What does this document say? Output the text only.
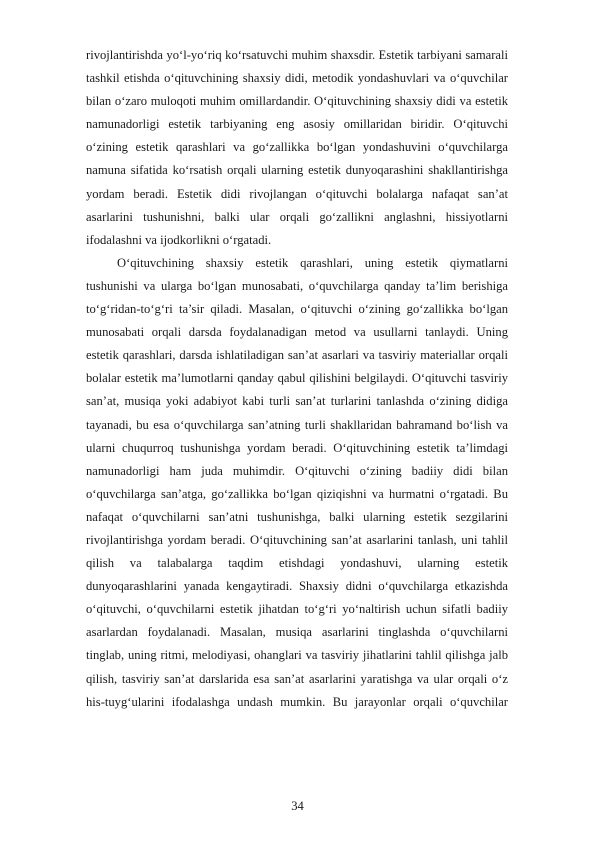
rivojlantirishda yo‘l-yo‘riq ko‘rsatuvchi muhim shaxsdir. Estetik tarbiyani samarali
tashkil etishda o‘qituvchining shaxsiy didi, metodik yondashuvlari va o‘quvchilar
bilan o‘zaro muloqoti muhim omillardandir. O‘qituvchining shaxsiy didi va estetik
namunadorligi estetik tarbiyaning eng asosiy omillaridan biridir. O‘qituvchi
o‘zining estetik qarashlari va go‘zallikka bo‘lgan yondashuvini o‘quvchilarga
namuna sifatida ko‘rsatish orqali ularning estetik dunyoqarashini shakllantirishga
yordam beradi. Estetik didi rivojlangan o‘qituvchi bolalarga nafaqat san’at
asarlarini tushunishni, balki ular orqali go‘zallikni anglashni, hissiyotlarni
ifodalashni va ijodkorlikni o‘rgatadi.
O‘qituvchining shaxsiy estetik qarashlari, uning estetik qiymatlarni
tushunishi va ularga bo‘lgan munosabati, o‘quvchilarga qanday ta’lim berishiga
to‘g‘ridan-to‘g‘ri ta’sir qiladi. Masalan, o‘qituvchi o‘zining go‘zallikka bo‘lgan
munosabati orqali darsda foydalanadigan metod va usullarni tanlaydi. Uning
estetik qarashlari, darsda ishlatiladigan san’at asarlari va tasviriy materiallar orqali
bolalar estetik ma’lumotlarni qanday qabul qilishini belgilaydi. O‘qituvchi tasviriy
san’at, musiqa yoki adabiyot kabi turli san’at turlarini tanlashda o‘zining didiga
tayanadi, bu esa o‘quvchilarga san’atning turli shakllaridan bahramand bo‘lish va
ularni chuqurroq tushunishga yordam beradi. O‘qituvchining estetik ta’limdagi
namunadorligi ham juda muhimdir. O‘qituvchi o‘zining badiiy didi bilan
o‘quvchilarga san’atga, go‘zallikka bo‘lgan qiziqishni va hurmatni o‘rgatadi. Bu
nafaqat o‘quvchilarni san’atni tushunishga, balki ularning estetik sezgilarini
rivojlantirishga yordam beradi. O‘qituvchining san’at asarlarini tanlash, uni tahlil
qilish va talabalarga taqdim etishdagi yondashuvi, ularning estetik
dunyoqarashlarini yanada kengaytiradi. Shaxsiy didni o‘quvchilarga etkazishda
o‘qituvchi, o‘quvchilarni estetik jihatdan to‘g‘ri yo‘naltirish uchun sifatli badiiy
asarlardan foydalanadi. Masalan, musiqa asarlarini tinglashda o‘quvchilarni
tinglab, uning ritmi, melodiyasi, ohanglari va tasviriy jihatlarini tahlil qilishga jalb
qilish, tasviriy san’at darslarida esa san’at asarlarini yaratishga va ular orqali o‘z
his-tuyg‘ularini ifodalashga undash mumkin. Bu jarayonlar orqali o‘quvchilar
34
